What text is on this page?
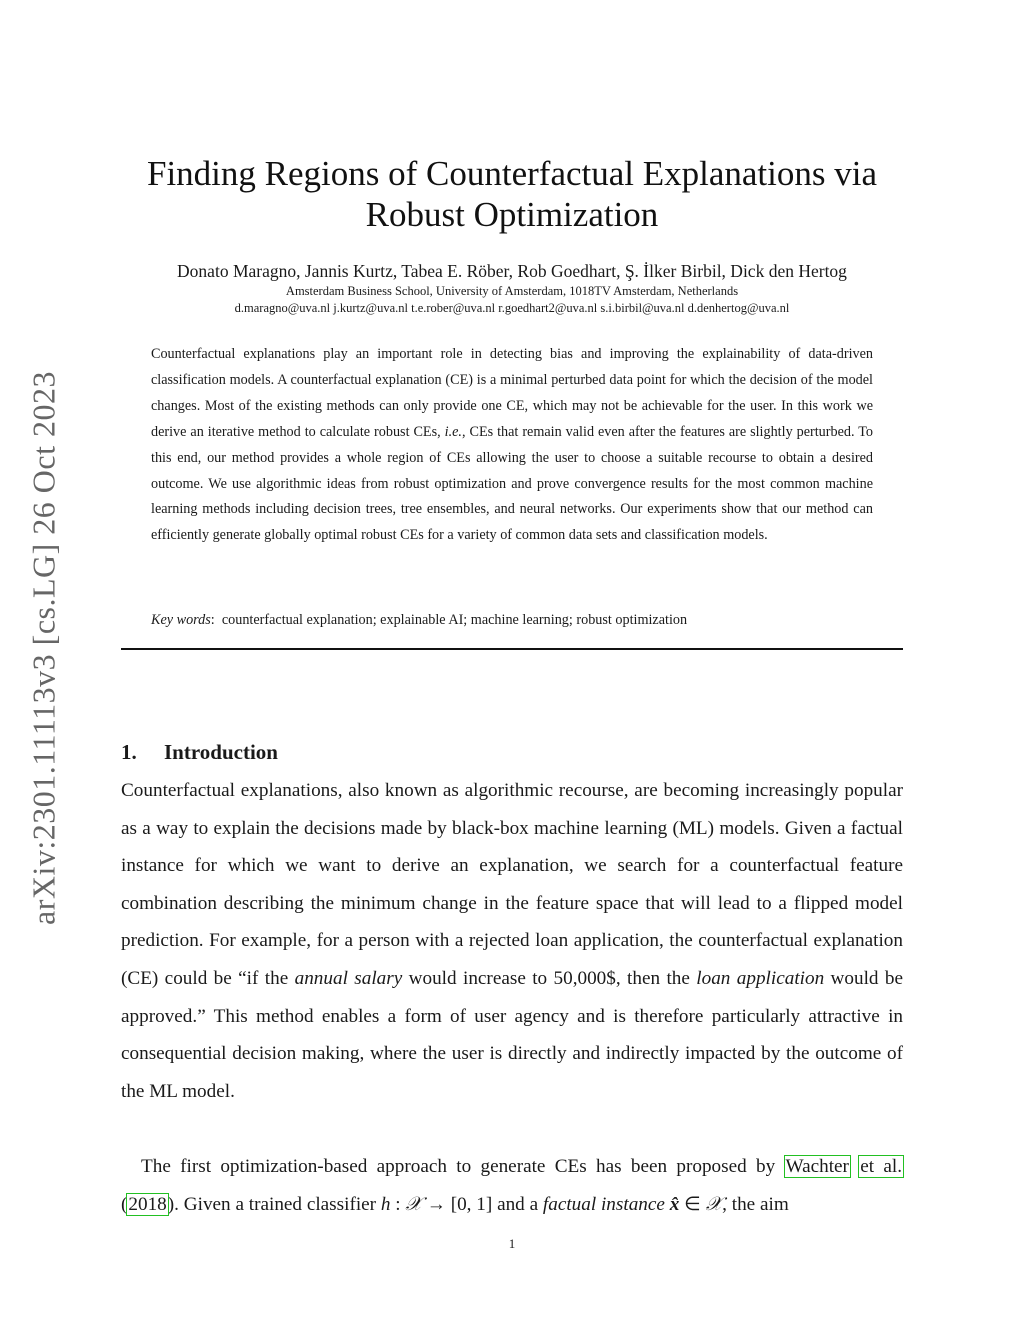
arXiv:2301.11113v3 [cs.LG] 26 Oct 2023
Finding Regions of Counterfactual Explanations via Robust Optimization
Donato Maragno, Jannis Kurtz, Tabea E. Röber, Rob Goedhart, Ş. İlker Birbil, Dick den Hertog
Amsterdam Business School, University of Amsterdam, 1018TV Amsterdam, Netherlands
d.maragno@uva.nl j.kurtz@uva.nl t.e.rober@uva.nl r.goedhart2@uva.nl s.i.birbil@uva.nl d.denhertog@uva.nl

Counterfactual explanations play an important role in detecting bias and improving the explainability of data-driven classification models. A counterfactual explanation (CE) is a minimal perturbed data point for which the decision of the model changes. Most of the existing methods can only provide one CE, which may not be achievable for the user. In this work we derive an iterative method to calculate robust CEs, i.e., CEs that remain valid even after the features are slightly perturbed. To this end, our method provides a whole region of CEs allowing the user to choose a suitable recourse to obtain a desired outcome. We use algorithmic ideas from robust optimization and prove convergence results for the most common machine learning methods including decision trees, tree ensembles, and neural networks. Our experiments show that our method can efficiently generate globally optimal robust CEs for a variety of common data sets and classification models.

Key words: counterfactual explanation; explainable AI; machine learning; robust optimization
1. Introduction

Counterfactual explanations, also known as algorithmic recourse, are becoming increasingly popular as a way to explain the decisions made by black-box machine learning (ML) models. Given a factual instance for which we want to derive an explanation, we search for a counterfactual feature combination describing the minimum change in the feature space that will lead to a flipped model prediction. For example, for a person with a rejected loan application, the counterfactual explanation (CE) could be “if the annual salary would increase to 50,000$, then the loan application would be approved.” This method enables a form of user agency and is therefore particularly attractive in consequential decision making, where the user is directly and indirectly impacted by the outcome of the ML model.

The first optimization-based approach to generate CEs has been proposed by Wachter et al. (2018). Given a trained classifier h : 𝒳 → [0, 1] and a factual instance x̂ ∈ 𝒳, the aim

1
